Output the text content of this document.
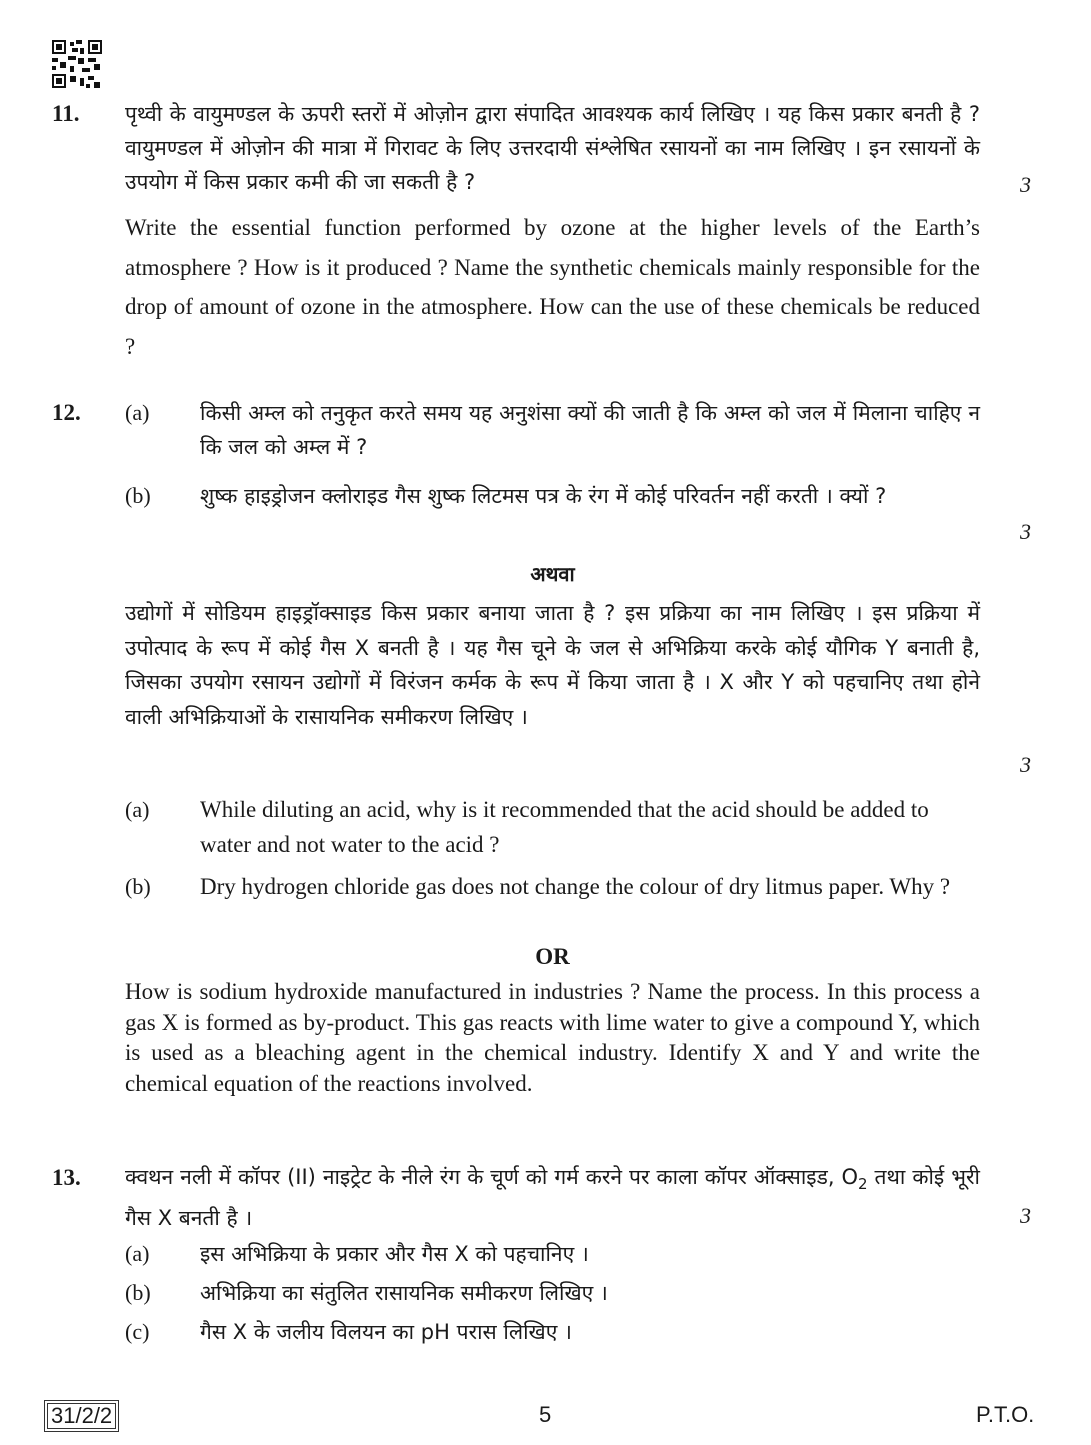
11. पृथ्वी के वायुमण्डल के ऊपरी स्तरों में ओज़ोन द्वारा संपादित आवश्यक कार्य लिखिए । यह किस प्रकार बनती है ? वायुमण्डल में ओज़ोन की मात्रा में गिरावट के लिए उत्तरदायी संश्लेषित रसायनों का नाम लिखिए । इन रसायनों के उपयोग में किस प्रकार कमी की जा सकती है ?	3
Write the essential function performed by ozone at the higher levels of the Earth’s atmosphere ? How is it produced ? Name the synthetic chemicals mainly responsible for the drop of amount of ozone in the atmosphere. How can the use of these chemicals be reduced ?
12. (a) किसी अम्ल को तनुकृत करते समय यह अनुशंसा क्यों की जाती है कि अम्ल को जल में मिलाना चाहिए न कि जल को अम्ल में ?
(b) शुष्क हाइड्रोजन क्लोराइड गैस शुष्क लिटमस पत्र के रंग में कोई परिवर्तन नहीं करती । क्यों ?
3
अथवा
उद्योगों में सोडियम हाइड्रॉक्साइड किस प्रकार बनाया जाता है ? इस प्रक्रिया का नाम लिखिए । इस प्रक्रिया में उपोत्पाद के रूप में कोई गैस X बनती है । यह गैस चूने के जल से अभिक्रिया करके कोई यौगिक Y बनाती है, जिसका उपयोग रसायन उद्योगों में विरंजन कर्मक के रूप में किया जाता है । X और Y को पहचानिए तथा होने वाली अभिक्रियाओं के रासायनिक समीकरण लिखिए ।
3
(a) While diluting an acid, why is it recommended that the acid should be added to water and not water to the acid ?
(b) Dry hydrogen chloride gas does not change the colour of dry litmus paper. Why ?
OR
How is sodium hydroxide manufactured in industries ? Name the process. In this process a gas X is formed as by-product. This gas reacts with lime water to give a compound Y, which is used as a bleaching agent in the chemical industry. Identify X and Y and write the chemical equation of the reactions involved.
13. क्वथन नली में कॉपर (II) नाइट्रेट के नीले रंग के चूर्ण को गर्म करने पर काला कॉपर ऑक्साइड, $O_2$ तथा कोई भूरी गैस X बनती है ।	3
31/2/2	5	P.T.O.
(a) इस अभिक्रिया के प्रकार और गैस X को पहचानिए ।
(b) अभिक्रिया का संतुलित रासायनिक समीकरण लिखिए ।
(c) गैस X के जलीय विलयन का pH परास लिखिए ।
